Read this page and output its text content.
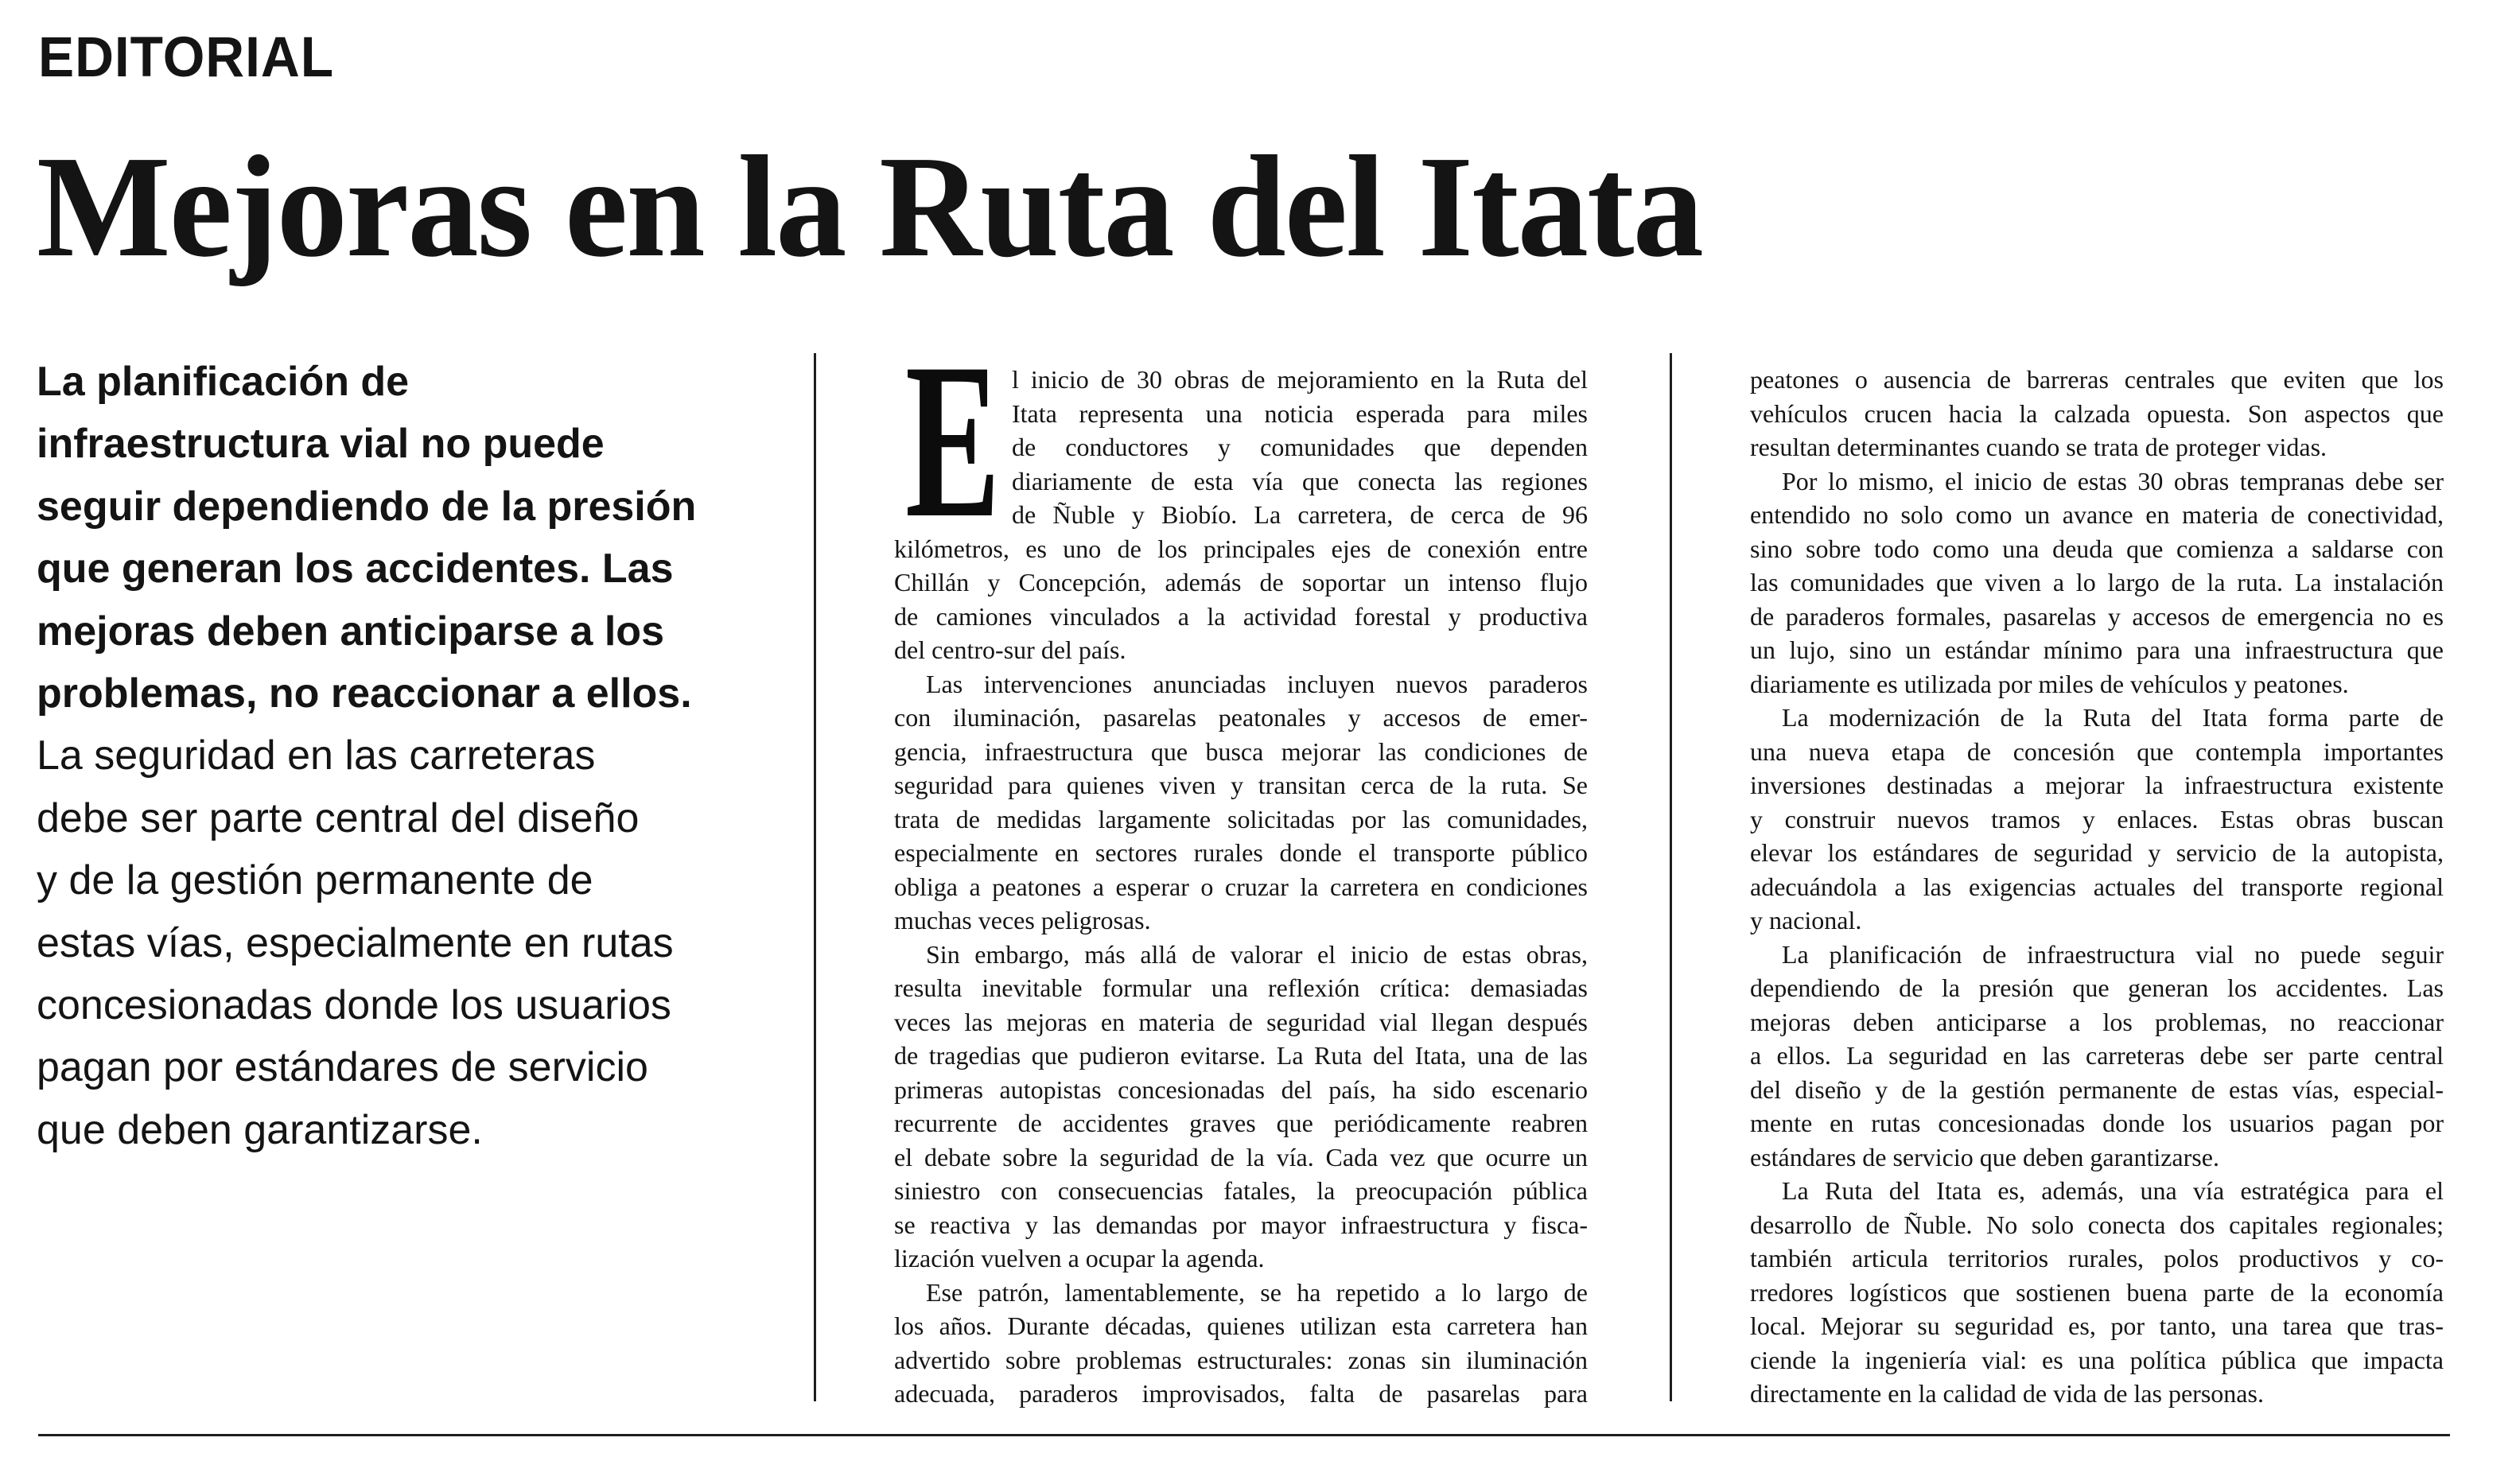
EDITORIAL
Mejoras en la Ruta del Itata
La planificación de
infraestructura vial no puede
seguir dependiendo de la presión
que generan los accidentes. Las
mejoras deben anticiparse a los
problemas, no reaccionar a ellos.
La seguridad en las carreteras
debe ser parte central del diseño
y de la gestión permanente de
estas vías, especialmente en rutas
concesionadas donde los usuarios
pagan por estándares de servicio
que deben garantizarse.
E l inicio de 30 obras de mejoramiento en la Ruta del
Itata representa una noticia esperada para miles
de conductores y comunidades que dependen
diariamente de esta vía que conecta las regiones
de Ñuble y Biobío. La carretera, de cerca de 96
kilómetros, es uno de los principales ejes de conexión entre
Chillán y Concepción, además de soportar un intenso flujo
de camiones vinculados a la actividad forestal y productiva
del centro-sur del país.
Las intervenciones anunciadas incluyen nuevos paraderos
con iluminación, pasarelas peatonales y accesos de emer-
gencia, infraestructura que busca mejorar las condiciones de
seguridad para quienes viven y transitan cerca de la ruta. Se
trata de medidas largamente solicitadas por las comunidades,
especialmente en sectores rurales donde el transporte público
obliga a peatones a esperar o cruzar la carretera en condiciones
muchas veces peligrosas.
Sin embargo, más allá de valorar el inicio de estas obras,
resulta inevitable formular una reflexión crítica: demasiadas
veces las mejoras en materia de seguridad vial llegan después
de tragedias que pudieron evitarse. La Ruta del Itata, una de las
primeras autopistas concesionadas del país, ha sido escenario
recurrente de accidentes graves que periódicamente reabren
el debate sobre la seguridad de la vía. Cada vez que ocurre un
siniestro con consecuencias fatales, la preocupación pública
se reactiva y las demandas por mayor infraestructura y fisca-
lización vuelven a ocupar la agenda.
Ese patrón, lamentablemente, se ha repetido a lo largo de
los años. Durante décadas, quienes utilizan esta carretera han
advertido sobre problemas estructurales: zonas sin iluminación
adecuada, paraderos improvisados, falta de pasarelas para
peatones o ausencia de barreras centrales que eviten que los
vehículos crucen hacia la calzada opuesta. Son aspectos que
resultan determinantes cuando se trata de proteger vidas.
Por lo mismo, el inicio de estas 30 obras tempranas debe ser
entendido no solo como un avance en materia de conectividad,
sino sobre todo como una deuda que comienza a saldarse con
las comunidades que viven a lo largo de la ruta. La instalación
de paraderos formales, pasarelas y accesos de emergencia no es
un lujo, sino un estándar mínimo para una infraestructura que
diariamente es utilizada por miles de vehículos y peatones.
La modernización de la Ruta del Itata forma parte de
una nueva etapa de concesión que contempla importantes
inversiones destinadas a mejorar la infraestructura existente
y construir nuevos tramos y enlaces. Estas obras buscan
elevar los estándares de seguridad y servicio de la autopista,
adecuándola a las exigencias actuales del transporte regional
y nacional.
La planificación de infraestructura vial no puede seguir
dependiendo de la presión que generan los accidentes. Las
mejoras deben anticiparse a los problemas, no reaccionar
a ellos. La seguridad en las carreteras debe ser parte central
del diseño y de la gestión permanente de estas vías, especial-
mente en rutas concesionadas donde los usuarios pagan por
estándares de servicio que deben garantizarse.
La Ruta del Itata es, además, una vía estratégica para el
desarrollo de Ñuble. No solo conecta dos capitales regionales;
también articula territorios rurales, polos productivos y co-
rredores logísticos que sostienen buena parte de la economía
local. Mejorar su seguridad es, por tanto, una tarea que tras-
ciende la ingeniería vial: es una política pública que impacta
directamente en la calidad de vida de las personas.
